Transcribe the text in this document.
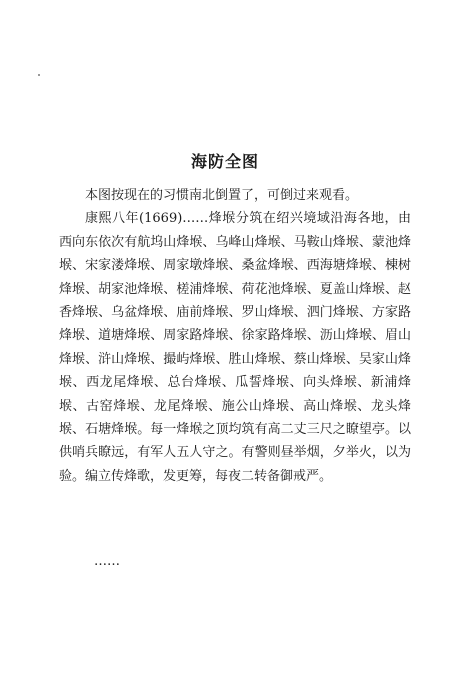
海防全图

本图按现在的习惯南北倒置了，可倒过来观看。

康熙八年(1669)……烽堠分筑在绍兴境域沿海各地，由西向东依次有航坞山烽堠、乌峰山烽堠、马鞍山烽堠、蒙池烽堠、宋家溇烽堠、周家墩烽堠、桑盆烽堠、西海塘烽堠、棟树烽堠、胡家池烽堠、槎浦烽堠、荷花池烽堠、夏盖山烽堠、赵香烽堠、乌盆烽堠、庙前烽堠、罗山烽堠、泗门烽堠、方家路烽堠、道塘烽堠、周家路烽堠、徐家路烽堠、沥山烽堠、眉山烽堠、浒山烽堠、撮屿烽堠、胜山烽堠、蔡山烽堠、吴家山烽堠、西龙尾烽堠、总台烽堠、瓜誓烽堠、向头烽堠、新浦烽堠、古窑烽堠、龙尾烽堠、施公山烽堠、高山烽堠、龙头烽堠、石塘烽堠。每一烽堠之顶均筑有高二丈三尺之瞭望亭。以供哨兵瞭远，有军人五人守之。有警则昼举烟，夕举火，以为验。编立传烽歌，发更筹，每夜二转备御戒严。

……
